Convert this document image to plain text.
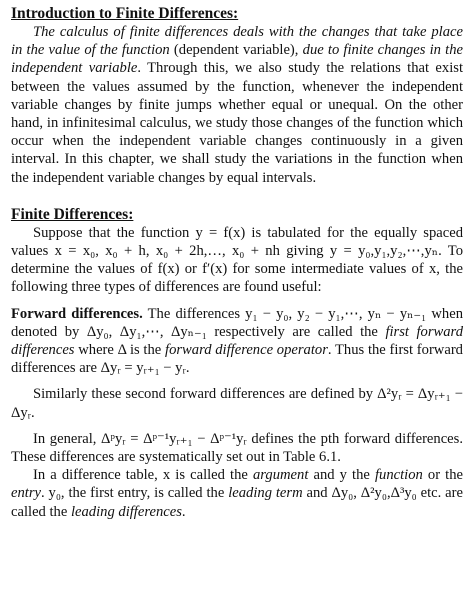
Introduction to Finite Differences:

The calculus of finite differences deals with the changes that take place in the value of the function (dependent variable), due to finite changes in the independent variable. Through this, we also study the relations that exist between the values assumed by the function, whenever the independent variable changes by finite jumps whether equal or unequal. On the other hand, in infinitesimal calculus, we study those changes of the function which occur when the independent variable changes continuously in a given interval. In this chapter, we shall study the variations in the function when the independent variable changes by equal intervals.

Finite Differences:

Suppose that the function y = f(x) is tabulated for the equally spaced values x = x₀, x₀ + h, x₀ + 2h,…, x₀ + nh giving y = y₀,y₁,y₂,⋯,yₙ. To determine the values of f(x) or f′(x) for some intermediate values of x, the following three types of differences are found useful:

Forward differences. The differences y₁ − y₀, y₂ − y₁,⋯, yₙ − yₙ₋₁ when denoted by Δy₀, Δy₁,⋯, Δyₙ₋₁ respectively are called the first forward differences where Δ is the forward difference operator. Thus the first forward differences are Δyᵣ = yᵣ₊₁ − yᵣ.

Similarly these second forward differences are defined by Δ²yᵣ = Δyᵣ₊₁ − Δyᵣ.

In general, Δᵖyᵣ = Δᵖ⁻¹yᵣ₊₁ − Δᵖ⁻¹yᵣ defines the pth forward differences. These differences are systematically set out in Table 6.1.

In a difference table, x is called the argument and y the function or the entry. y₀, the first entry, is called the leading term and Δy₀, Δ²y₀,Δ³y₀ etc. are called the leading differences.
